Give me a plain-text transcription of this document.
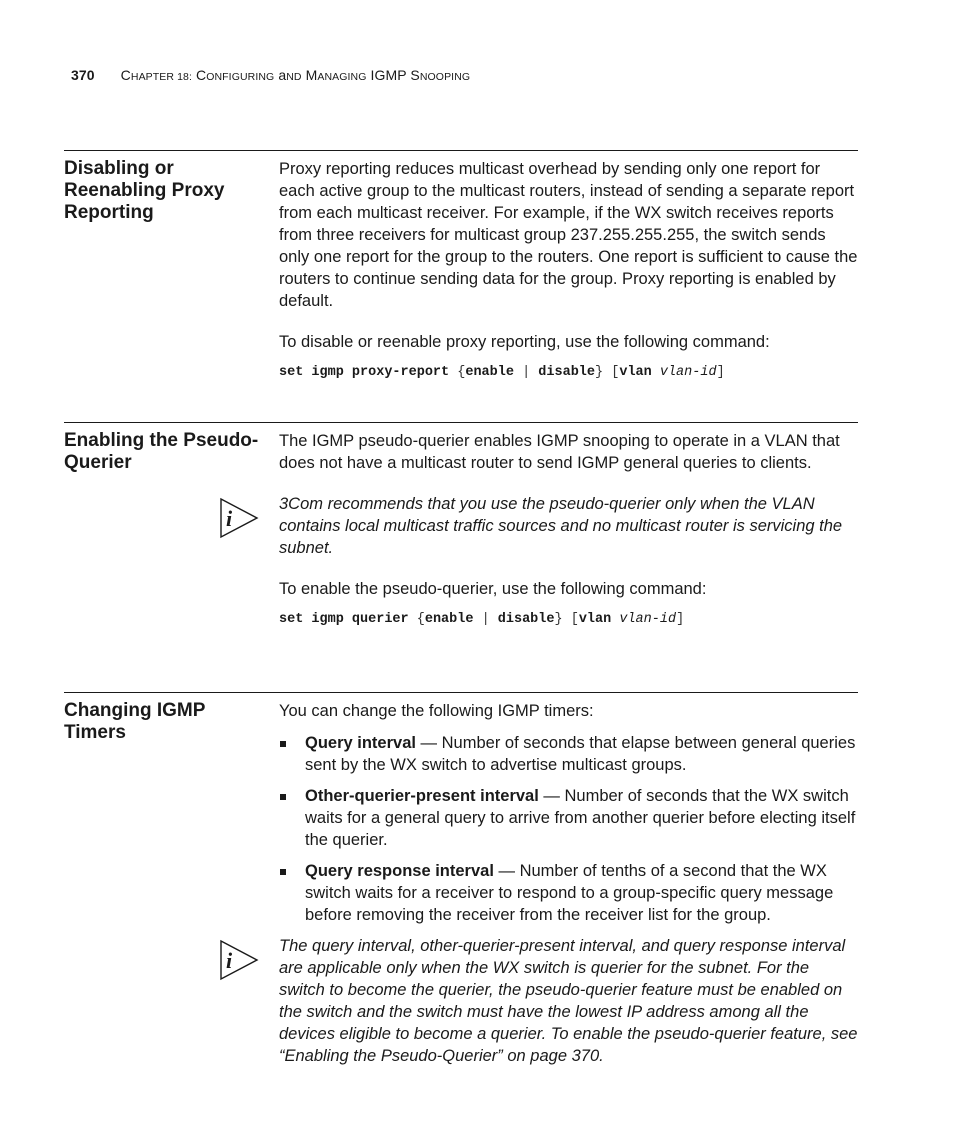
370 CHAPTER 18: CONFIGURING aND MANAGING IGMP SNOOPING
Disabling or Reenabling Proxy Reporting

Proxy reporting reduces multicast overhead by sending only one report for each active group to the multicast routers, instead of sending a separate report from each multicast receiver. For example, if the WX switch receives reports from three receivers for multicast group 237.255.255.255, the switch sends only one report for the group to the routers. One report is sufficient to cause the routers to continue sending data for the group. Proxy reporting is enabled by default.

To disable or reenable proxy reporting, use the following command:

set igmp proxy-report {enable | disable} [vlan vlan-id]
Enabling the Pseudo-Querier

The IGMP pseudo-querier enables IGMP snooping to operate in a VLAN that does not have a multicast router to send IGMP general queries to clients.

i

3Com recommends that you use the pseudo-querier only when the VLAN contains local multicast traffic sources and no multicast router is servicing the subnet.

To enable the pseudo-querier, use the following command:

set igmp querier {enable | disable} [vlan vlan-id]
Changing IGMP Timers

You can change the following IGMP timers:

Query interval — Number of seconds that elapse between general queries sent by the WX switch to advertise multicast groups.
Other-querier-present interval — Number of seconds that the WX switch waits for a general query to arrive from another querier before electing itself the querier.
Query response interval — Number of tenths of a second that the WX switch waits for a receiver to respond to a group-specific query message before removing the receiver from the receiver list for the group.
i

The query interval, other-querier-present interval, and query response interval are applicable only when the WX switch is querier for the subnet. For the switch to become the querier, the pseudo-querier feature must be enabled on the switch and the switch must have the lowest IP address among all the devices eligible to become a querier. To enable the pseudo-querier feature, see “Enabling the Pseudo-Querier” on page 370.
